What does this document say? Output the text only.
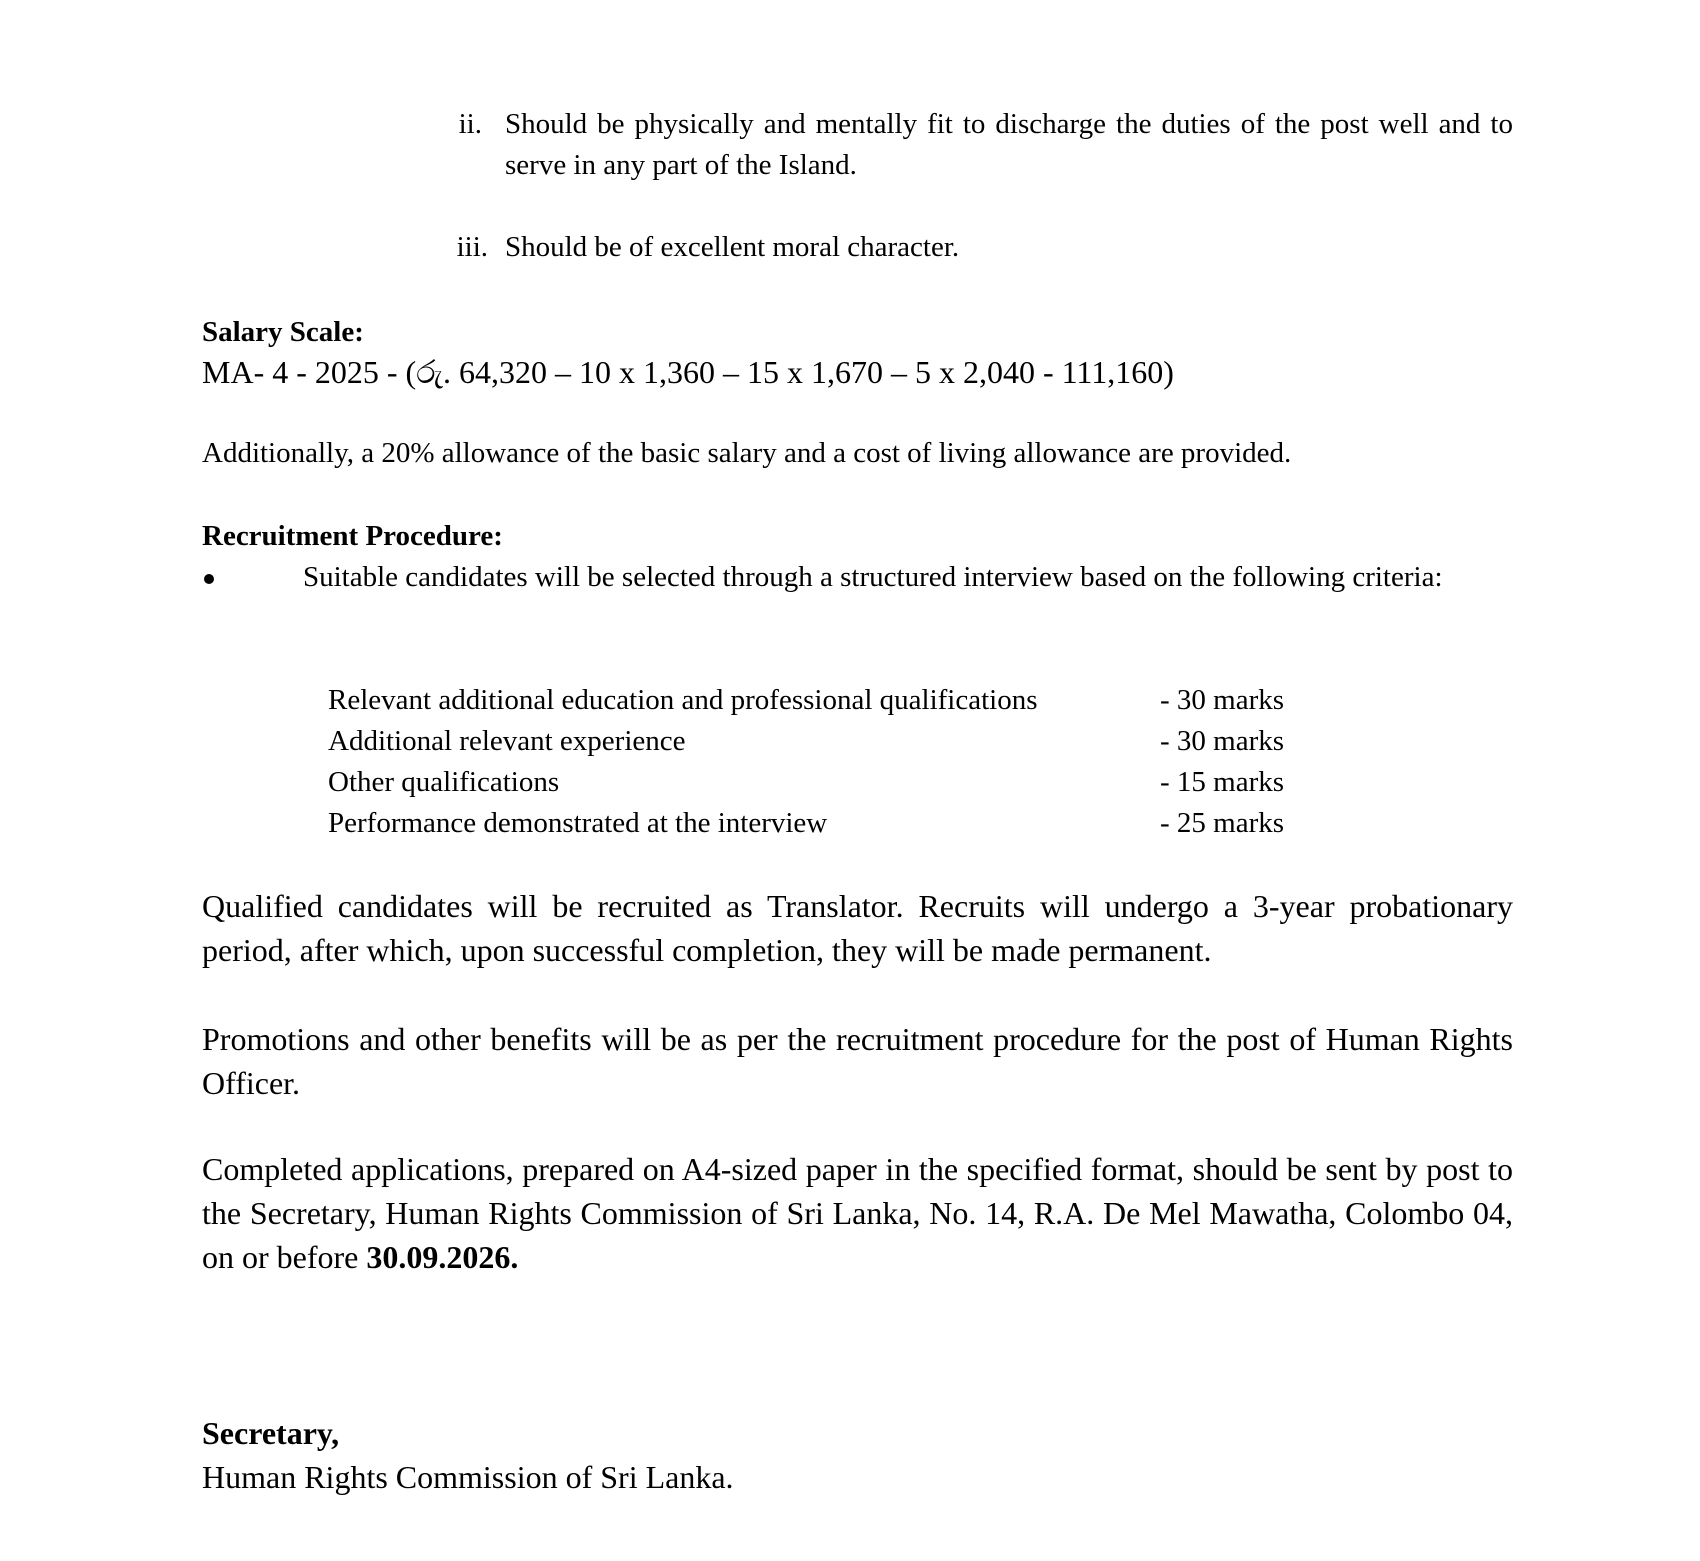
ii. Should be physically and mentally fit to discharge the duties of the post well and to serve in any part of the Island.
iii. Should be of excellent moral character.
Salary Scale:
MA- 4 - 2025 - (රු. 64,320 – 10 x 1,360 – 15 x 1,670 – 5 x 2,040 - 111,160)
Additionally, a 20% allowance of the basic salary and a cost of living allowance are provided.
Recruitment Procedure:
Suitable candidates will be selected through a structured interview based on the following criteria:
Relevant additional education and professional qualifications	- 30 marks
Additional relevant experience	- 30 marks
Other qualifications	- 15 marks
Performance demonstrated at the interview	- 25 marks
Qualified candidates will be recruited as Translator. Recruits will undergo a 3-year probationary period, after which, upon successful completion, they will be made permanent.
Promotions and other benefits will be as per the recruitment procedure for the post of Human Rights Officer.
Completed applications, prepared on A4-sized paper in the specified format, should be sent by post to the Secretary, Human Rights Commission of Sri Lanka, No. 14, R.A. De Mel Mawatha, Colombo 04, on or before 30.09.2026.
Secretary,
Human Rights Commission of Sri Lanka.
